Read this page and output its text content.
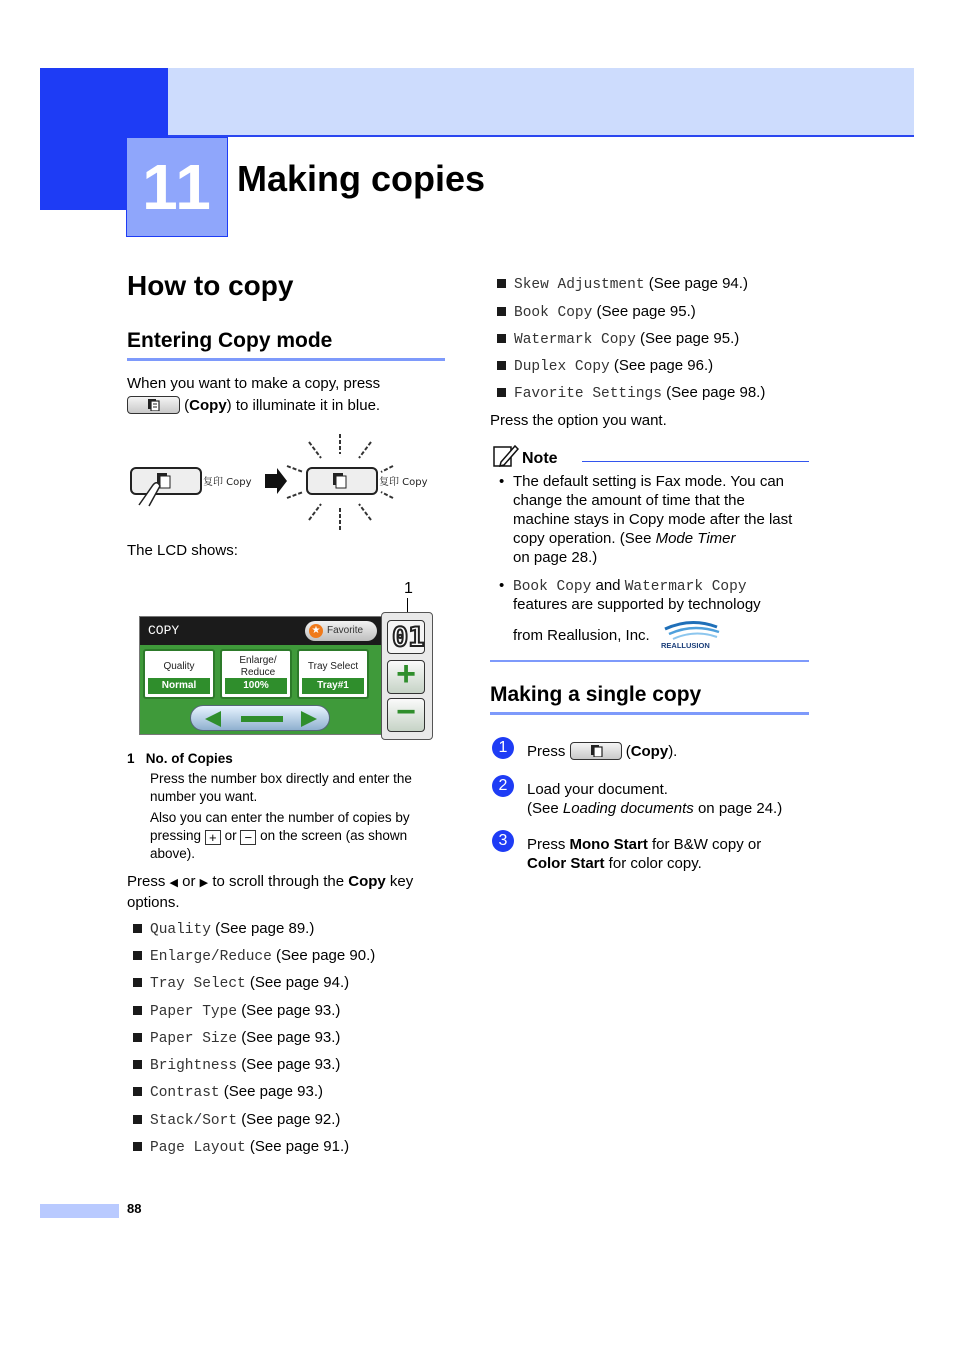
11 Making copies
How to copy
Entering Copy mode
When you want to make a copy, press
(Copy) to illuminate it in blue.
复印 Copy	复印 Copy
The LCD shows:
1
COPY	★ Favorite
Quality
Normal
Enlarge/ Reduce
100%
Tray Select
Tray#1
01
+
−
1   No. of Copies
Press the number box directly and enter the number you want.
Also you can enter the number of copies by pressing + or − on the screen (as shown above).
Press ◀ or ▶ to scroll through the Copy key options.
Quality (See page 89.)
Enlarge/Reduce (See page 90.)
Tray Select (See page 94.)
Paper Type (See page 93.)
Paper Size (See page 93.)
Brightness (See page 93.)
Contrast (See page 93.)
Stack/Sort (See page 92.)
Page Layout (See page 91.)
Skew Adjustment (See page 94.)
Book Copy (See page 95.)
Watermark Copy (See page 95.)
Duplex Copy (See page 96.)
Favorite Settings (See page 98.)
Press the option you want.
Note
• The default setting is Fax mode. You can
change the amount of time that the
machine stays in Copy mode after the last
copy operation. (See Mode Timer
on page 28.)
• Book Copy and Watermark Copy
features are supported by technology
from Reallusion, Inc.
REALLUSION
Making a single copy
1	Press	(Copy).
2	Load your document.
(See Loading documents on page 24.)
3	Press Mono Start for B&W copy or
Color Start for color copy.
88
